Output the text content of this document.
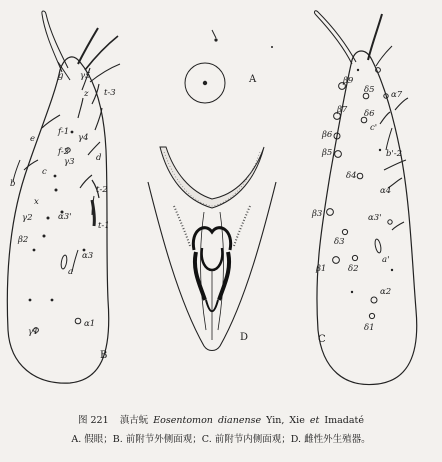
A
g γ5
z t-3
e
f-1
f-2
γ4
γ3
c
d
b
x
t-2
α3'
γ2
t-1
β2
α3
a
α1
γ1
B
D
β9
δ5 α7
β7 δ6
c'
β6
β5	b'-2
δ4
α4
β3
δ3
α3'
β1	δ2
a'
α2
δ1
C
图 221 滇古蚖 Eosentomon dianense Yin, Xie et Imadaté
A. 假眼；B. 前附节外侧面观；C. 前附节内侧面观；D. 雌性外生殖器。
